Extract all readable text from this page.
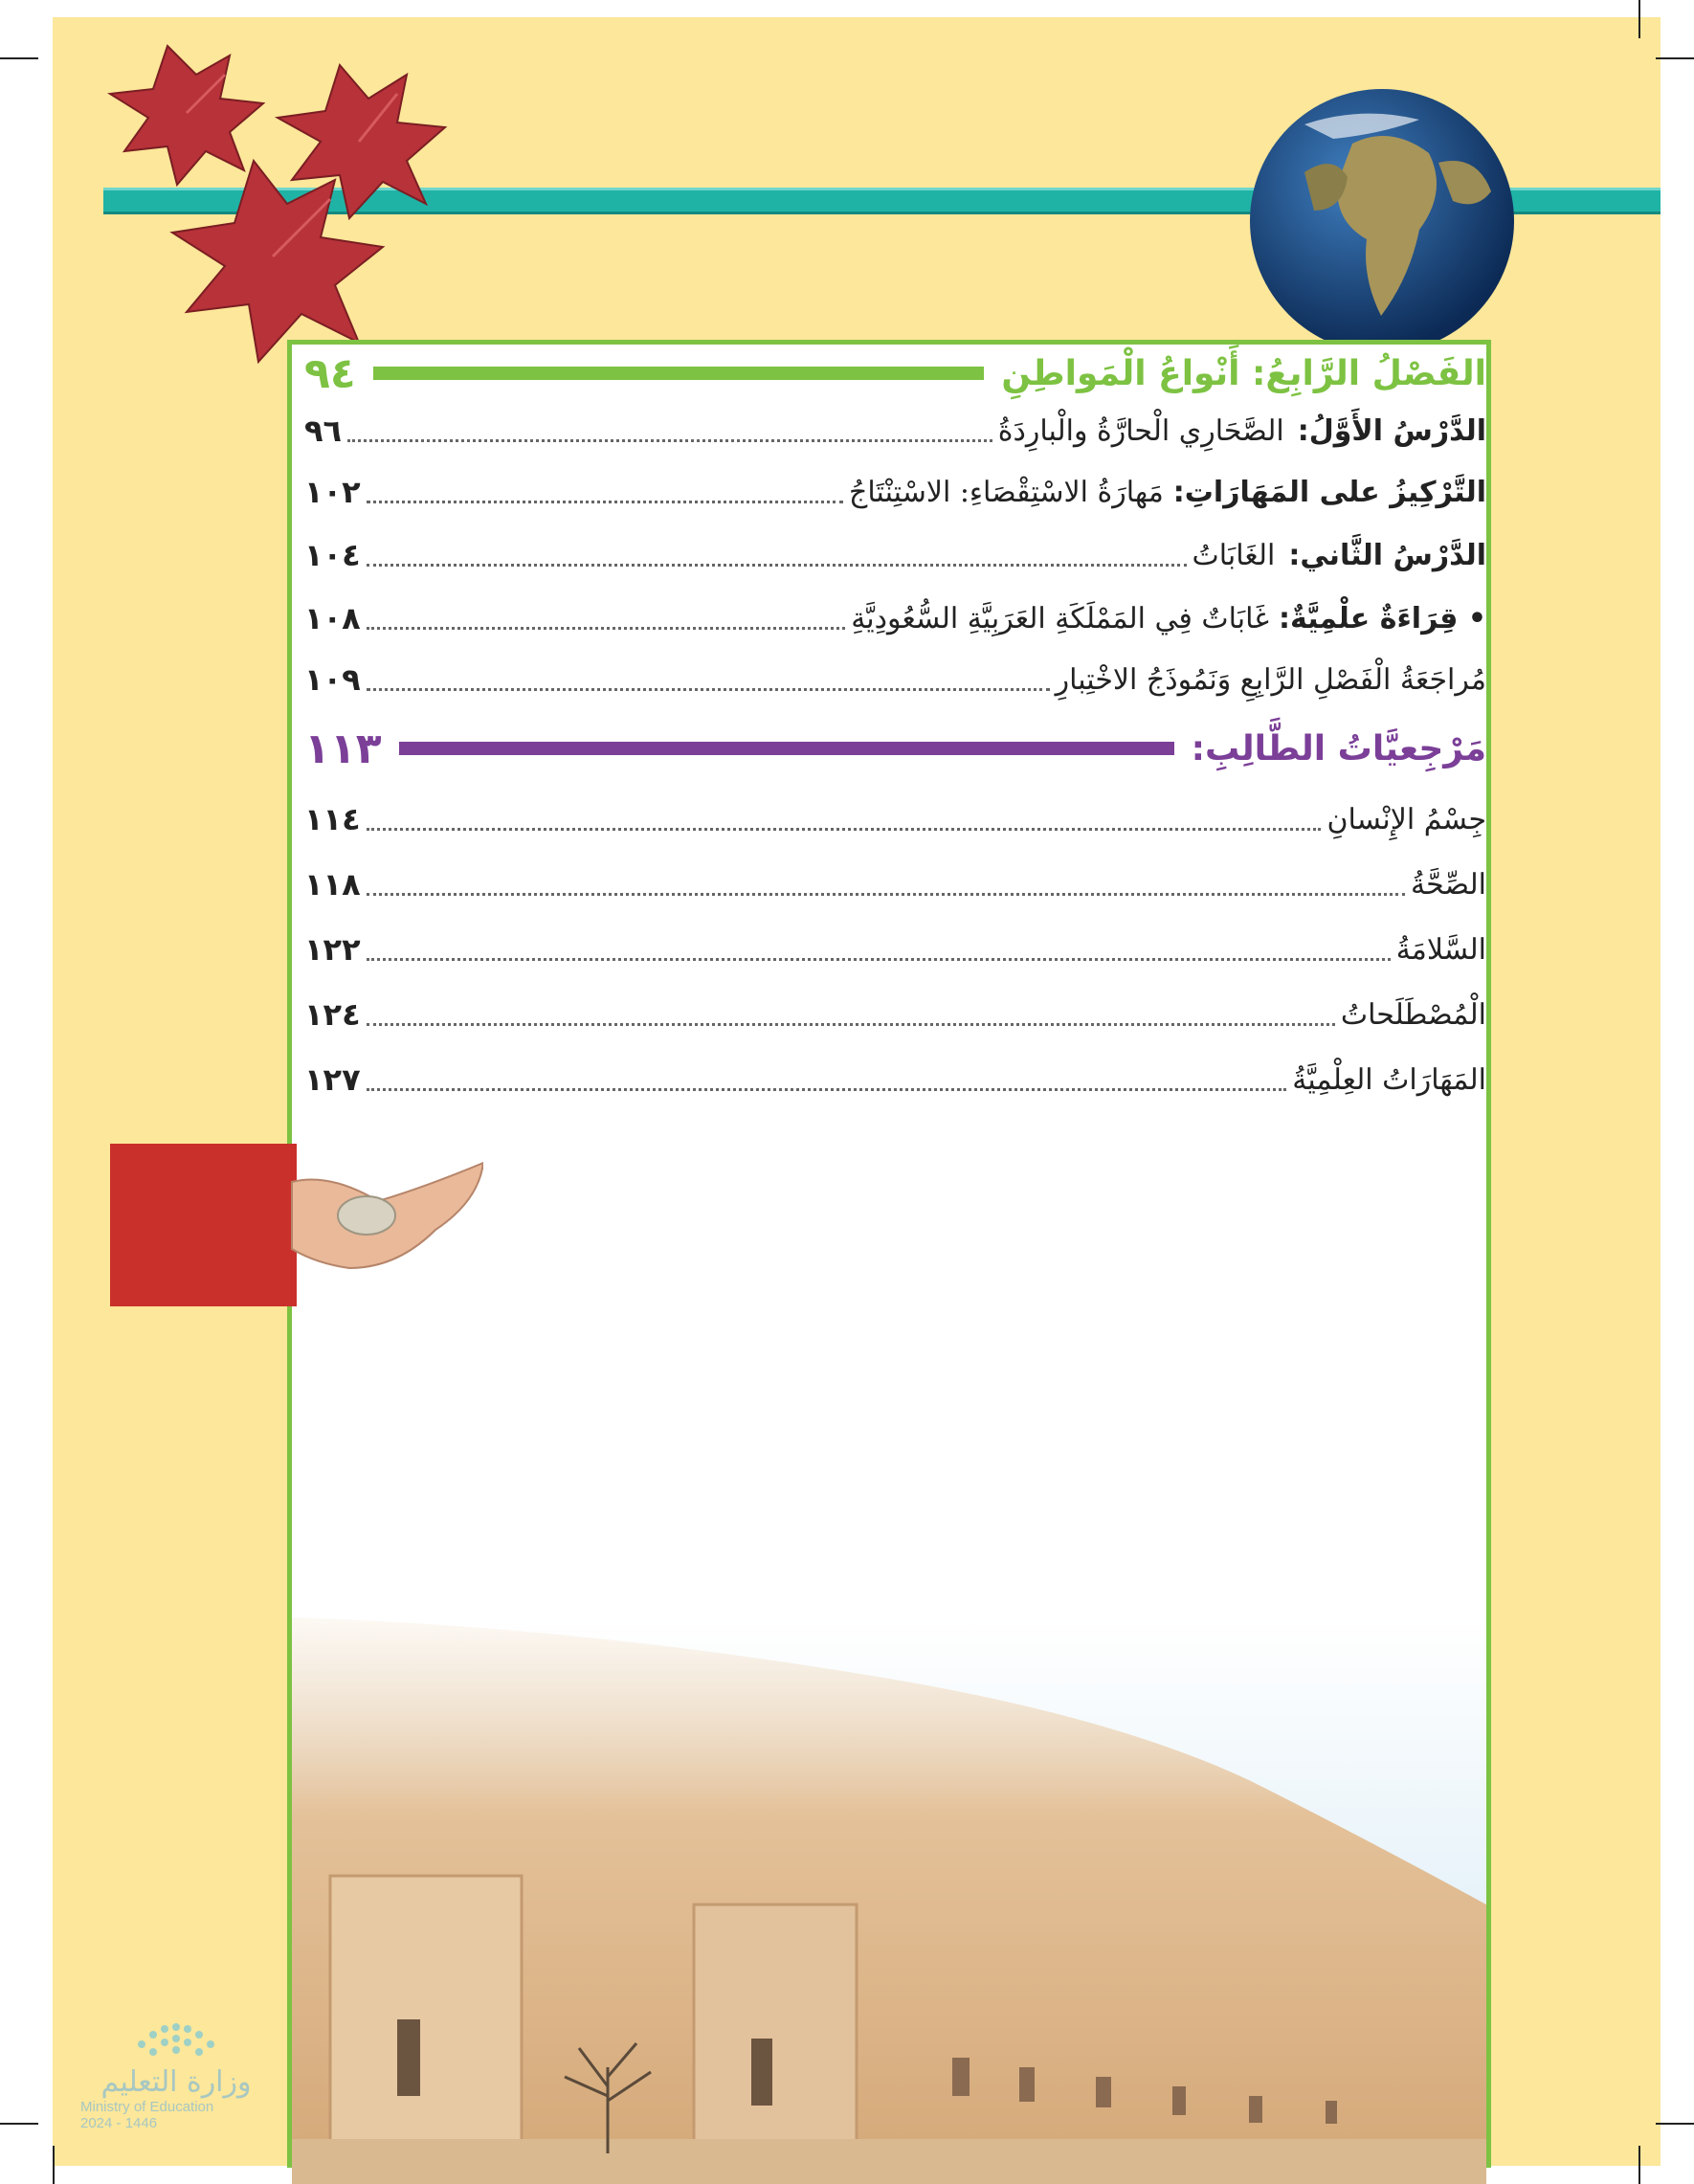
وزارة التعليم
Ministry of Education
2024 - 1446
الفَصْلُ الرَّابِعُ: أَنْواعُ الْمَواطِنِ
٩٤
الدَّرْسُ الأَوَّلُ:
الصَّحَارِي الْحارَّةُ والْبارِدَةُ
٩٦
التَّرْكِيزُ على المَهَارَاتِ:
مَهارَةُ الاسْتِقْصَاءِ: الاسْتِنْتَاجُ
١٠٢
الدَّرْسُ الثَّاني:
الغَابَاتُ
١٠٤
• قِرَاءَةٌ علْمِيَّةٌ:
غَابَاتٌ فِي المَمْلَكَةِ العَرَبِيَّةِ السُّعُودِيَّةِ
١٠٨
مُراجَعَةُ الْفَصْلِ الرَّابِعِ وَنَمُوذَجُ الاخْتِبارِ
١٠٩
مَرْجِعيَّاتُ الطَّالِبِ:
١١٣
جِسْمُ الإِنْسانِ
١١٤
الصِّحَّةُ
١١٨
السَّلامَةُ
١٢٢
الْمُصْطَلَحاتُ
١٢٤
المَهَارَاتُ العِلْمِيَّةُ
١٢٧
